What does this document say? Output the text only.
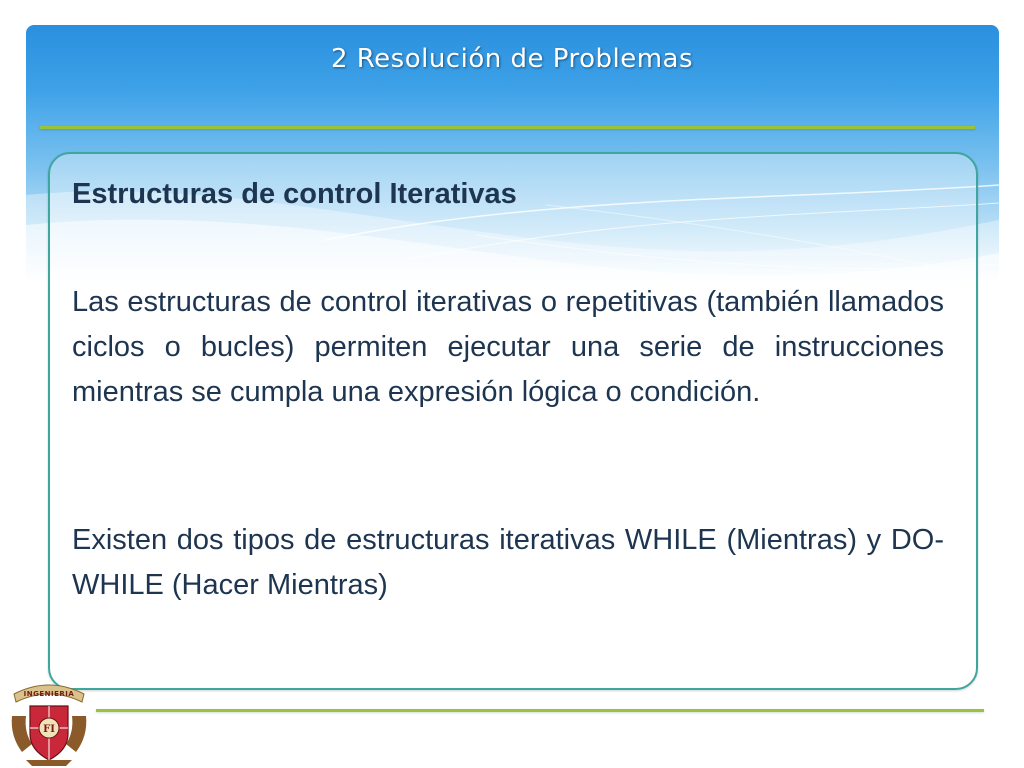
2 Resolución de Problemas
Estructuras de control Iterativas

Las estructuras de control iterativas o repetitivas (también llamados ciclos o bucles) permiten ejecutar una serie de instrucciones mientras se cumpla una expresión lógica o condición.

Existen dos tipos de estructuras iterativas WHILE (Mientras) y DO-WHILE (Hacer Mientras)

INGENIERIA
FI
